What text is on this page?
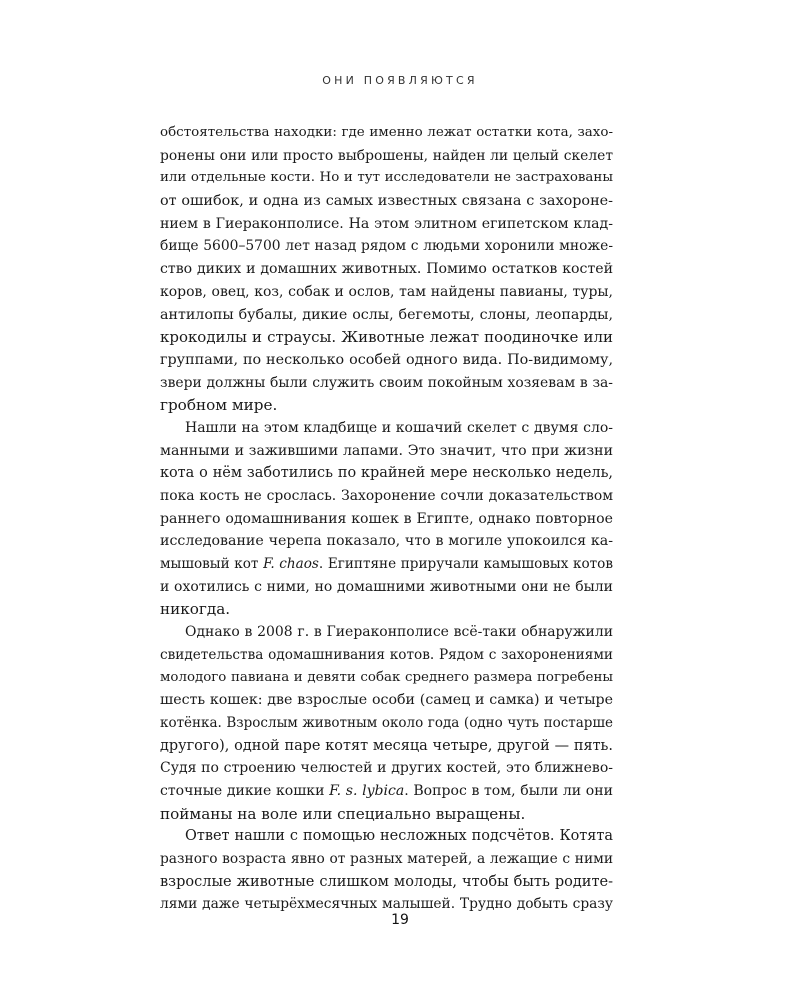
ОНИ ПОЯВЛЯЮТСЯ
обстоятельства находки: где именно лежат остатки кота, захо-
ронены они или просто выброшены, найден ли целый скелет
или отдельные кости. Но и тут исследователи не застрахованы
от ошибок, и одна из самых известных связана с захороне-
нием в Гиераконполисе. На этом элитном египетском клад-
бище 5600–5700 лет назад рядом с людьми хоронили множе-
ство диких и домашних животных. Помимо остатков костей
коров, овец, коз, собак и ослов, там найдены павианы, туры,
антилопы бубалы, дикие ослы, бегемоты, слоны, леопарды,
крокодилы и страусы. Животные лежат поодиночке или
группами, по несколько особей одного вида. По-видимому,
звери должны были служить своим покойным хозяевам в за-
гробном мире.
Нашли на этом кладбище и кошачий скелет с двумя сло-
манными и зажившими лапами. Это значит, что при жизни
кота о нём заботились по крайней мере несколько недель,
пока кость не срослась. Захоронение сочли доказательством
раннего одомашнивания кошек в Египте, однако повторное
исследование черепа показало, что в могиле упокоился ка-
мышовый кот F. chaos. Египтяне приручали камышовых котов
и охотились с ними, но домашними животными они не были
никогда.
Однако в 2008 г. в Гиераконполисе всё-таки обнаружили
свидетельства одомашнивания котов. Рядом с захоронениями
молодого павиана и девяти собак среднего размера погребены
шесть кошек: две взрослые особи (самец и самка) и четыре
котёнка. Взрослым животным около года (одно чуть постарше
другого), одной паре котят месяца четыре, другой — пять.
Судя по строению челюстей и других костей, это ближнево-
сточные дикие кошки F. s. lybica. Вопрос в том, были ли они
пойманы на воле или специально выращены.
Ответ нашли с помощью несложных подсчётов. Котята
разного возраста явно от разных матерей, а лежащие с ними
взрослые животные слишком молоды, чтобы быть родите-
лями даже четырёхмесячных малышей. Трудно добыть сразу
19
